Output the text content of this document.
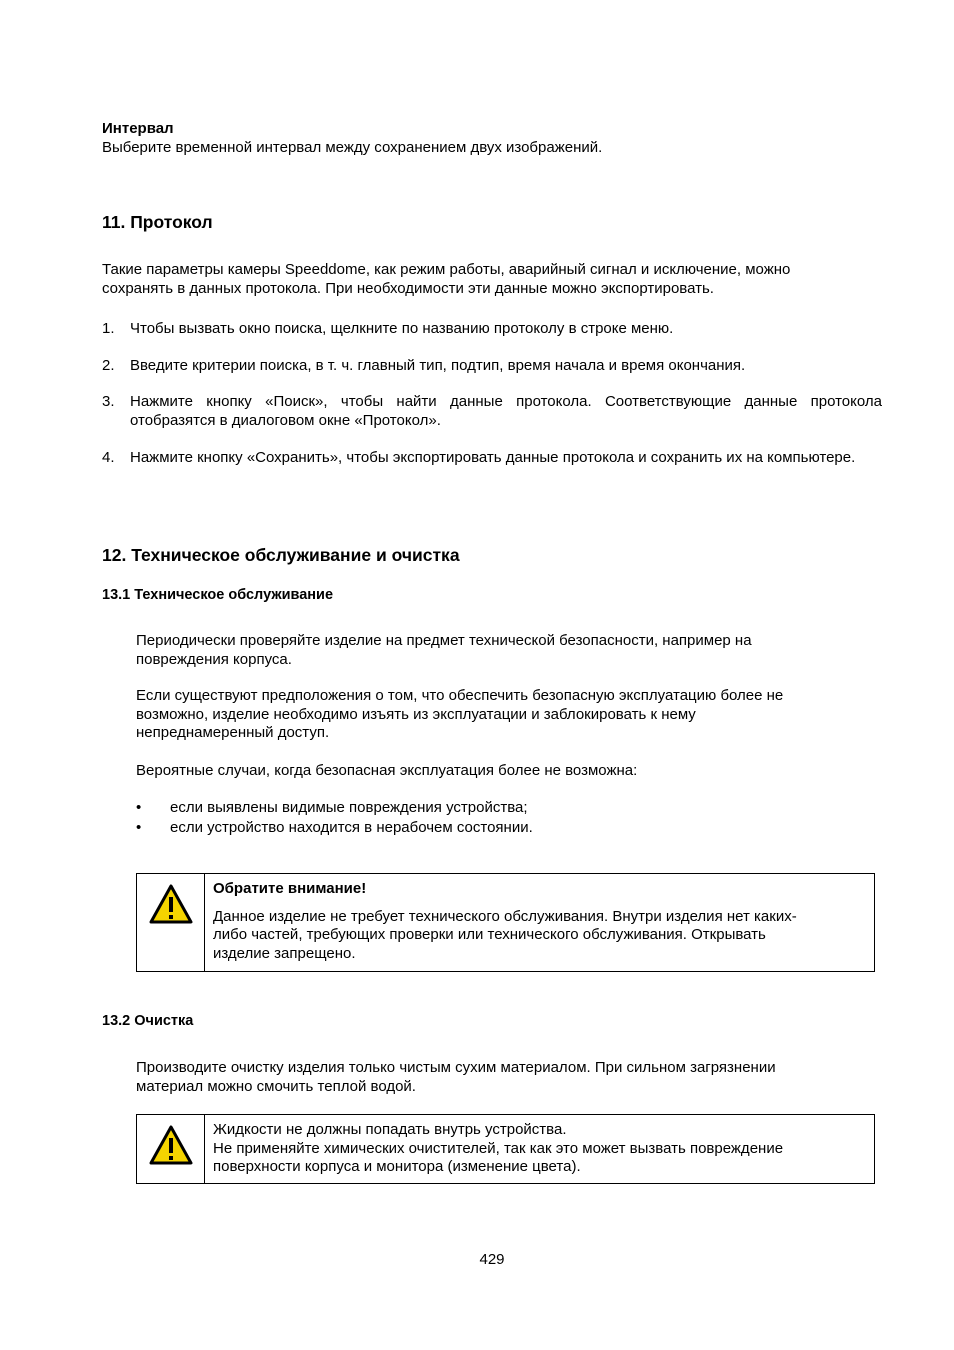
Интервал

Выберите временной интервал между сохранением двух изображений.

11. Протокол

Такие параметры камеры Speeddome, как режим работы, аварийный сигнал и исключение, можно

сохранять в данных протокола. При необходимости эти данные можно экспортировать.

1.	Чтобы вызвать окно поиска, щелкните по названию протоколу в строке меню.
2.	Введите критерии поиска, в т. ч. главный тип, подтип, время начала и время окончания.
3.	Нажмите кнопку «Поиск», чтобы найти данные протокола. Соответствующие данные протокола отобразятся в диалоговом окне «Протокол».
4.	Нажмите кнопку «Сохранить», чтобы экспортировать данные протокола и сохранить их на компьютере.
12. Техническое обслуживание и очистка
13.1 Техническое обслуживание

Периодически проверяйте изделие на предмет технической безопасности, например на

повреждения корпуса.

Если существуют предположения о том, что обеспечить безопасную эксплуатацию более не

возможно, изделие необходимо изъять из эксплуатации и заблокировать к нему

непреднамеренный доступ.

Вероятные случаи, когда безопасная эксплуатация более не возможна:
•	если выявлены видимые повреждения устройства;
•	если устройство находится в нерабочем состоянии.

Обратите внимание!

Данное изделие не требует технического обслуживания. Внутри изделия нет каких-

либо частей, требующих проверки или технического обслуживания. Открывать

изделие запрещено.

13.2 Очистка

Производите очистку изделия только чистым сухим материалом. При сильном загрязнении

материал можно смочить теплой водой.

Жидкости не должны попадать внутрь устройства.

Не применяйте химических очистителей, так как это может вызвать повреждение

поверхности корпуса и монитора (изменение цвета).

429
